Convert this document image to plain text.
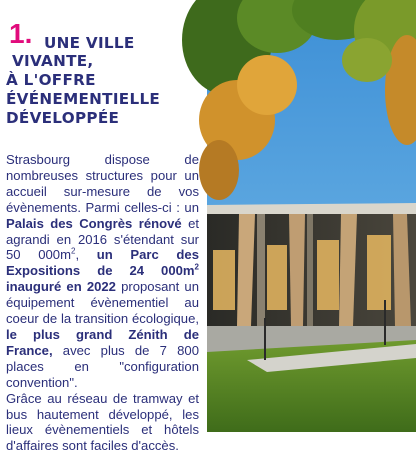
1. UNE VILLE
VIVANTE,
À L'OFFRE
ÉVÉNEMENTIELLE
DÉVELOPPÉE

Strasbourg dispose de nombreuses structures pour un accueil sur-mesure de vos évènements. Parmi celles-ci : un Palais des Congrès rénové et agrandi en 2016 s'étendant sur 50 $000m^2$, un Parc des Expositions de 24 $000m^2$ inauguré en 2022 proposant un équipement évènementiel au coeur de la transition écologique, le plus grand Zénith de France, avec plus de 7 800 places en "configuration convention".
Grâce au réseau de tramway et bus hautement développé, les lieux évènementiels et hôtels d'affaires sont faciles d'accès.
